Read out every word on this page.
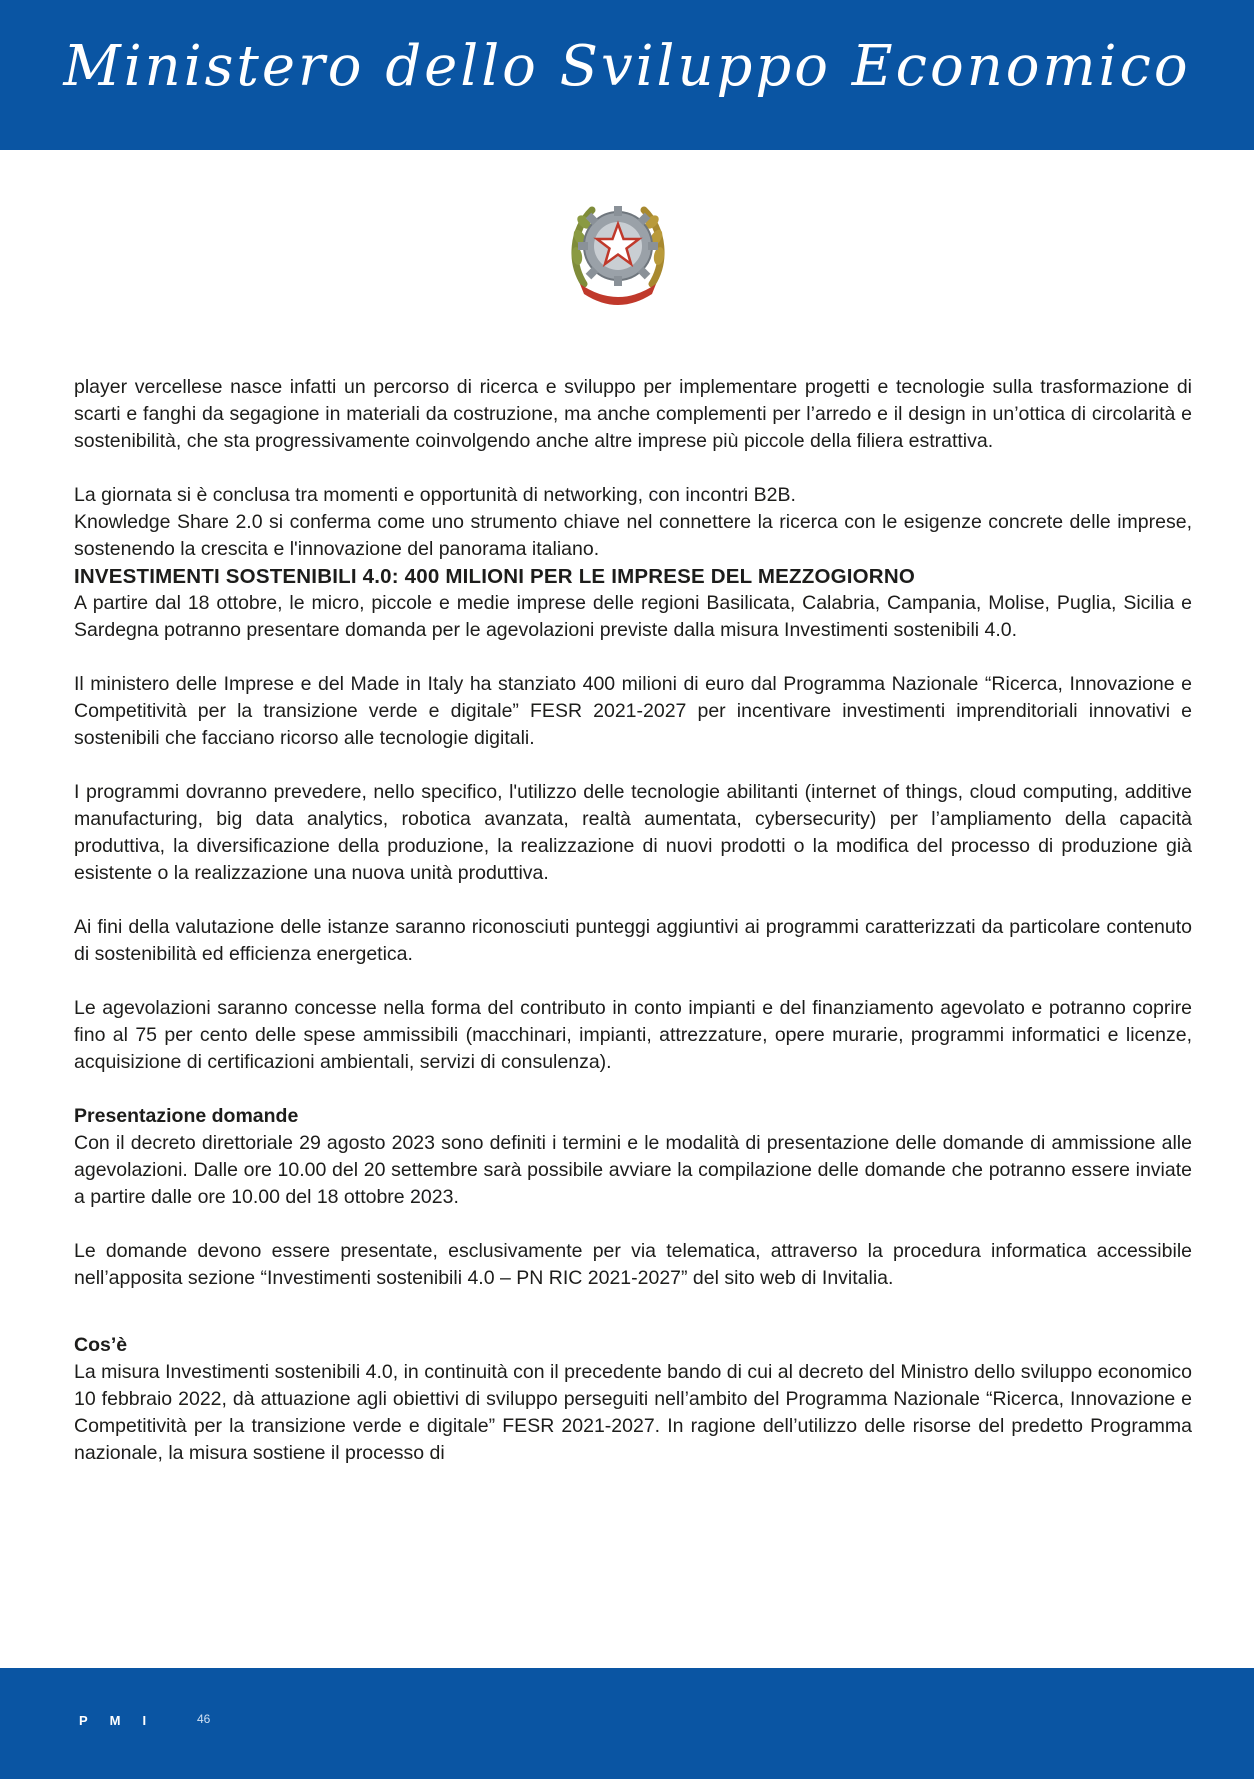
Ministero dello Sviluppo Economico

player vercellese nasce infatti un percorso di ricerca e sviluppo per implementare progetti e tecnologie sulla trasformazione di scarti e fanghi da segagione in materiali da costruzione, ma anche complementi per l’arredo e il design in un’ottica di circolarità e sostenibilità, che sta progressivamente coinvolgendo anche altre imprese più piccole della filiera estrattiva.

La giornata si è conclusa tra momenti e opportunità di networking, con incontri B2B.

Knowledge Share 2.0 si conferma come uno strumento chiave nel connettere la ricerca con le esigenze concrete delle imprese, sostenendo la crescita e l'innovazione del panorama italiano.

INVESTIMENTI SOSTENIBILI 4.0: 400 MILIONI PER LE IMPRESE DEL MEZZOGIORNO

A partire dal 18 ottobre, le micro, piccole e medie imprese delle regioni Basilicata, Calabria, Campania, Molise, Puglia, Sicilia e Sardegna potranno presentare domanda per le agevolazioni previste dalla misura Investimenti sostenibili 4.0.

Il ministero delle Imprese e del Made in Italy ha stanziato 400 milioni di euro dal Programma Nazionale “Ricerca, Innovazione e Competitività per la transizione verde e digitale” FESR 2021-2027 per incentivare investimenti imprenditoriali innovativi e sostenibili che facciano ricorso alle tecnologie digitali.

I programmi dovranno prevedere, nello specifico, l'utilizzo delle tecnologie abilitanti (internet of things, cloud computing, additive manufacturing, big data analytics, robotica avanzata, realtà aumentata, cybersecurity) per l’ampliamento della capacità produttiva, la diversificazione della produzione, la realizzazione di nuovi prodotti o la modifica del processo di produzione già esistente o la realizzazione una nuova unità produttiva.

Ai fini della valutazione delle istanze saranno riconosciuti punteggi aggiuntivi ai programmi caratterizzati da particolare contenuto di sostenibilità ed efficienza energetica.

Le agevolazioni saranno concesse nella forma del contributo in conto impianti e del finanziamento agevolato e potranno coprire fino al 75 per cento delle spese ammissibili (macchinari, impianti, attrezzature, opere murarie, programmi informatici e licenze, acquisizione di certificazioni ambientali, servizi di consulenza).

Presentazione domande

Con il decreto direttoriale 29 agosto 2023 sono definiti i termini e le modalità di presentazione delle domande di ammissione alle agevolazioni. Dalle ore 10.00 del 20 settembre sarà possibile avviare la compilazione delle domande che potranno essere inviate a partire dalle ore 10.00 del 18 ottobre 2023.

Le domande devono essere presentate, esclusivamente per via telematica, attraverso la procedura informatica accessibile nell’apposita sezione “Investimenti sostenibili 4.0 – PN RIC 2021-2027” del sito web di Invitalia.

Cos’è

La misura Investimenti sostenibili 4.0, in continuità con il precedente bando di cui al decreto del Ministro dello sviluppo economico 10 febbraio 2022, dà attuazione agli obiettivi di sviluppo perseguiti nell’ambito del Programma Nazionale “Ricerca, Innovazione e Competitività per la transizione verde e digitale” FESR 2021-2027. In ragione dell’utilizzo delle risorse del predetto Programma nazionale, la misura sostiene il processo di

PMI 46
